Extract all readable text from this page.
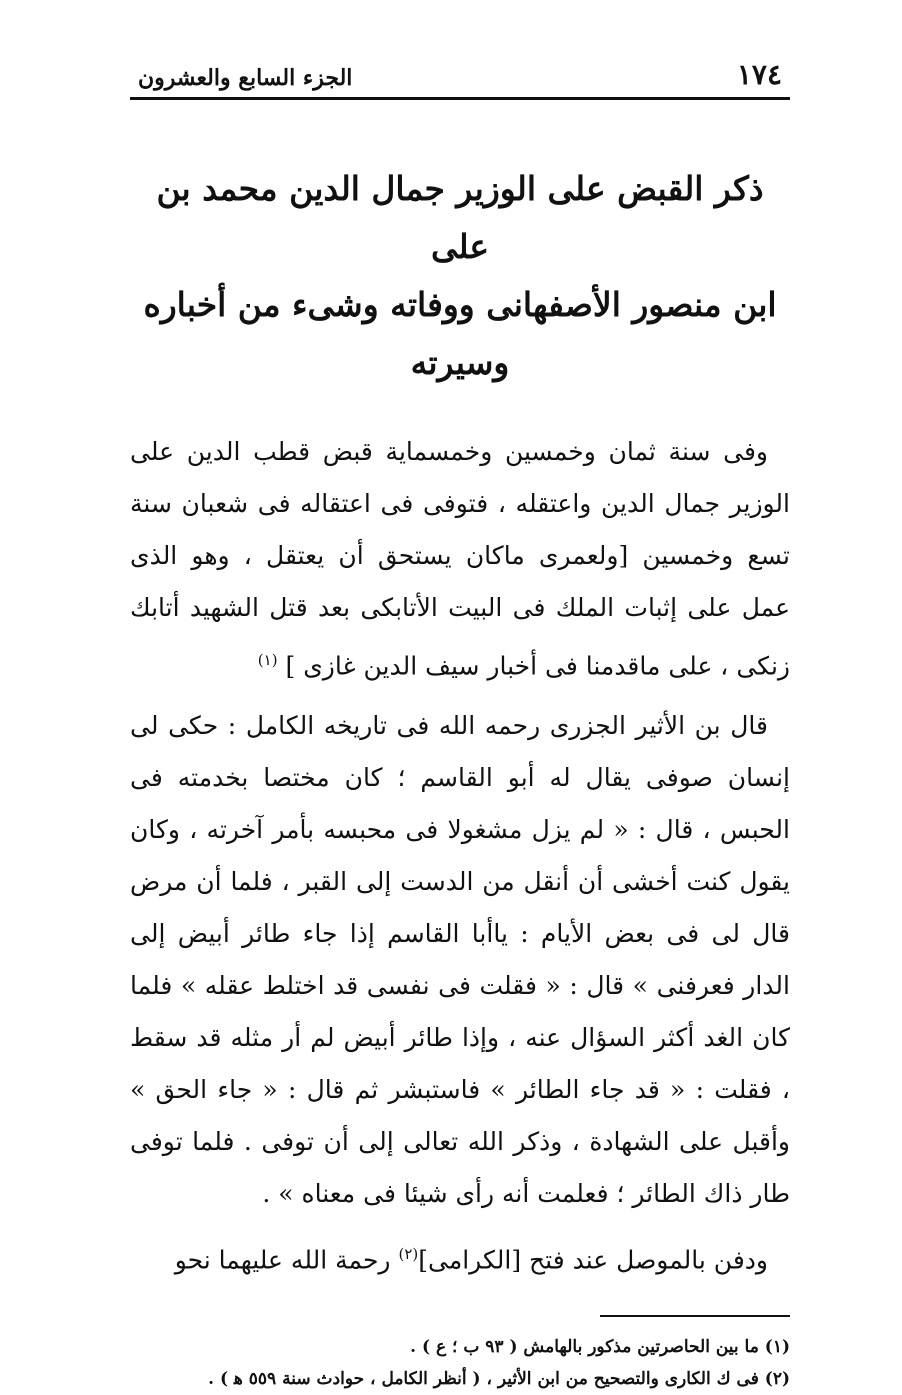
١٧٤
الجزء السابع والعشرون
ذكر القبض على الوزير جمال الدين محمد بن على
ابن منصور الأصفهانى ووفاته وشىء من أخباره وسيرته

وفى سنة ثمان وخمسين وخمسماية قبض قطب الدين على الوزير جمال الدين واعتقله ، فتوفى فى اعتقاله فى شعبان سنة تسع وخمسين [ولعمرى ماكان يستحق أن يعتقل ، وهو الذى عمل على إثبات الملك فى البيت الأتابكى بعد قتل الشهيد أتابك زنكى ، على ماقدمنا فى أخبار سيف الدين غازى ] $^{(١)}$

قال بن الأثير الجزرى رحمه الله فى تاريخه الكامل : حكى لى إنسان صوفى يقال له أبو القاسم ؛ كان مختصا بخدمته فى الحبس ، قال : « لم يزل مشغولا فى محبسه بأمر آخرته ، وكان يقول كنت أخشى أن أنقل من الدست إلى القبر ، فلما أن مرض قال لى فى بعض الأيام : ياأبا القاسم إذا جاء طائر أبيض إلى الدار فعرفنى » قال : « فقلت فى نفسى قد اختلط عقله » فلما كان الغد أكثر السؤال عنه ، وإذا طائر أبيض لم أر مثله قد سقط ، فقلت : « قد جاء الطائر » فاستبشر ثم قال : « جاء الحق » وأقبل على الشهادة ، وذكر الله تعالى إلى أن توفى . فلما توفى طار ذاك الطائر ؛ فعلمت أنه رأى شيئا فى معناه » .

ودفن بالموصل عند فتح [الكرامى]$^{(٢)}$ رحمة الله عليهما نحو

(١) ما بين الحاصرتين مذكور بالهامش ( ٩٣ ب ؛ ع ) .

(٢) فى ك الكارى والتصحيح من ابن الأثير ، ( أنظر الكامل ، حوادث سنة ٥٥٩ ﻫ ) .
